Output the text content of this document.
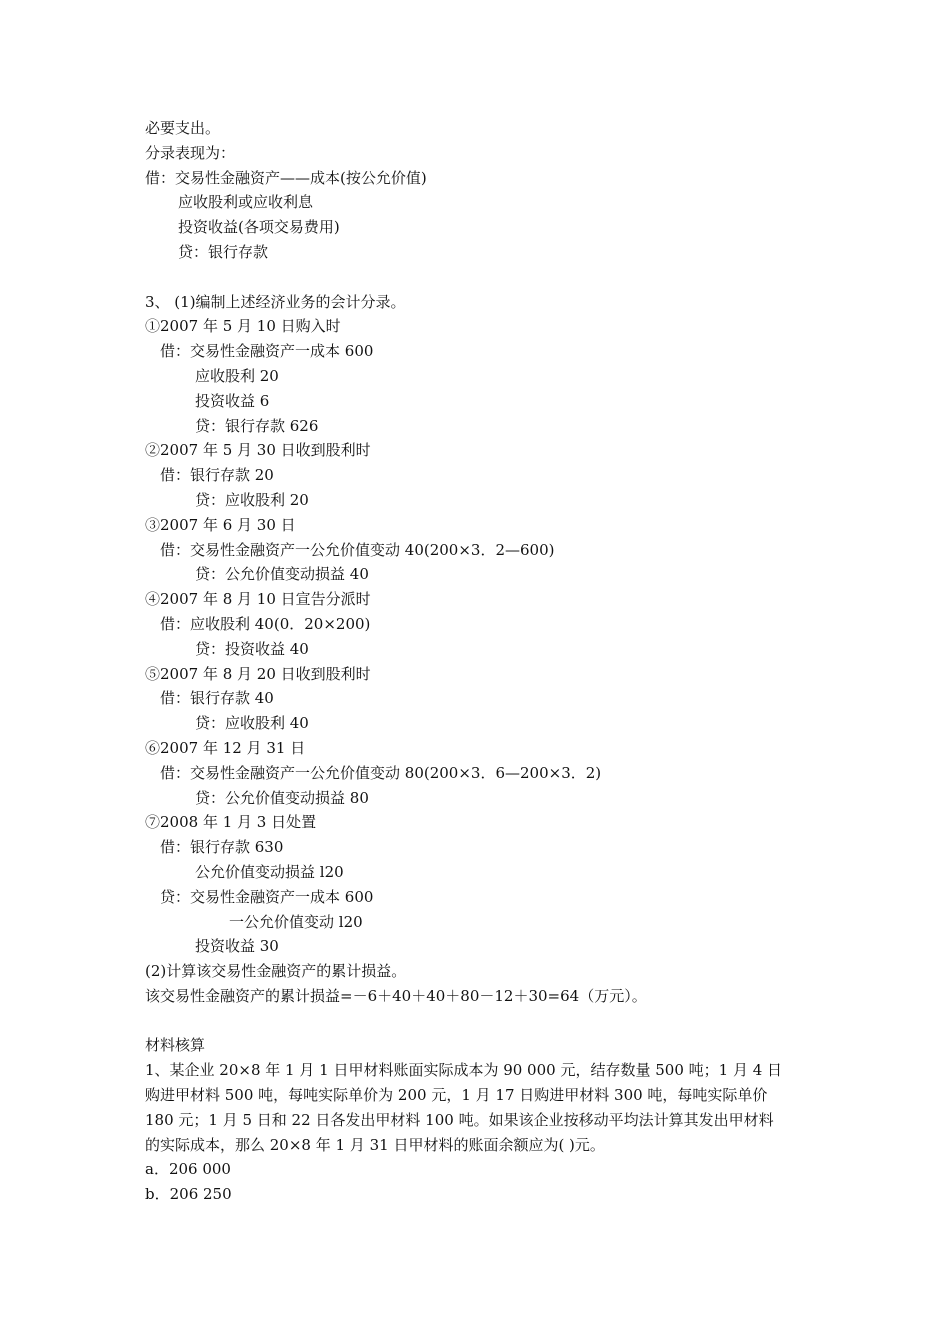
必要支出。
分录表现为：
借：交易性金融资产——成本(按公允价值)
应收股利或应收利息
投资收益(各项交易费用)
贷：银行存款
3、 (1)编制上述经济业务的会计分录。
①2007 年 5 月 10 日购入时
借：交易性金融资产一成本 600
应收股利 20
投资收益 6
贷：银行存款 626
②2007 年 5 月 30 日收到股利时
借：银行存款 20
贷：应收股利 20
③2007 年 6 月 30 日
借：交易性金融资产一公允价值变动 40(200×3．2—600)
贷：公允价值变动损益 40
④2007 年 8 月 10 日宣告分派时
借：应收股利 40(0．20×200)
贷：投资收益 40
⑤2007 年 8 月 20 日收到股利时
借：银行存款 40
贷：应收股利 40
⑥2007 年 12 月 31 日
借：交易性金融资产一公允价值变动 80(200×3．6—200×3．2)
贷：公允价值变动损益 80
⑦2008 年 1 月 3 日处置
借：银行存款 630
公允价值变动损益 l20
贷：交易性金融资产一成本 600
一公允价值变动 l20
投资收益 30
(2)计算该交易性金融资产的累计损益。
该交易性金融资产的累计损益=－6＋40＋40＋80－12＋30=64（万元）。
材料核算
1、某企业 20×8 年 1 月 1 日甲材料账面实际成本为 90 000 元，结存数量 500 吨；1 月 4 日
购进甲材料 500 吨，每吨实际单价为 200 元，1 月 17 日购进甲材料 300 吨，每吨实际单价
180 元；1 月 5 日和 22 日各发出甲材料 100 吨。如果该企业按移动平均法计算其发出甲材料
的实际成本，那么 20×8 年 1 月 31 日甲材料的账面余额应为( )元。
a．206 000
b．206 250
